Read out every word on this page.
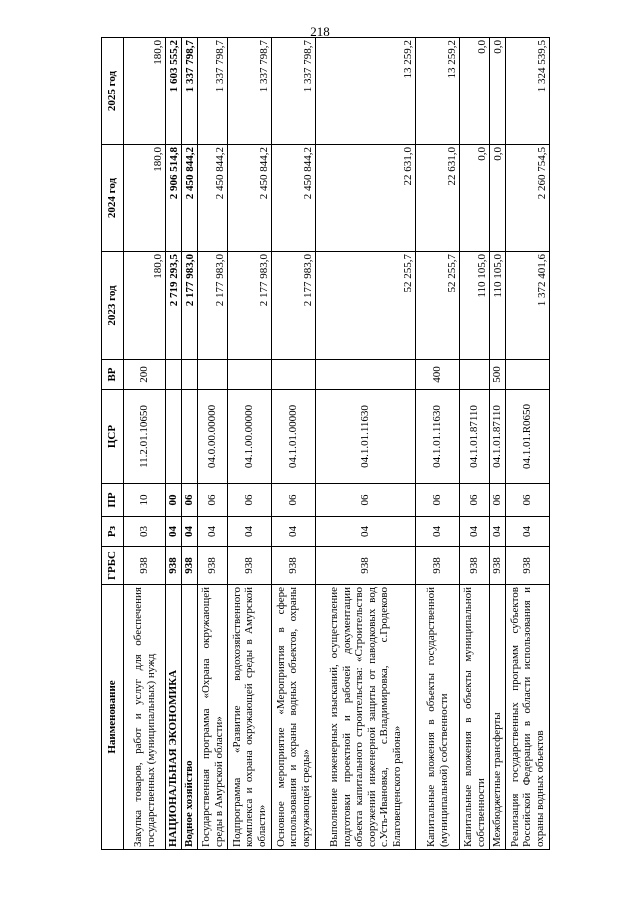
218
Наименование	ГРБС	Рз	ПР	ЦСР	ВР	2023 год	2024 год	2025 год
Закупка товаров, работ и услуг для обеспечения государственных (муниципальных) нужд	938	03	10	11.2.01.10650	200	180,0	180,0	180,0
НАЦИОНАЛЬНАЯ ЭКОНОМИКА	938	04	00			2 719 293,5	2 906 514,8	1 603 555,2
Водное хозяйство	938	04	06			2 177 983,0	2 450 844,2	1 337 798,7
Государственная программа «Охрана окружающей среды в Амурской области»	938	04	06	04.0.00.00000		2 177 983,0	2 450 844,2	1 337 798,7
Подпрограмма «Развитие водохозяйственного комплекса и охрана окружающей среды в Амурской области»	938	04	06	04.1.00.00000		2 177 983,0	2 450 844,2	1 337 798,7
Основное мероприятие «Мероприятия в сфере использования и охраны водных объектов, охраны окружающей среды»	938	04	06	04.1.01.00000		2 177 983,0	2 450 844,2	1 337 798,7
Выполнение инженерных изысканий, осуществление подготовки проектной и рабочей документации объекта капитального строительства: «Строительство сооружений инженерной защиты от паводковых вод с.Усть-Ивановка, с.Владимировка, с.Гродеково Благовещенского района»	938	04	06	04.1.01.11630		52 255,7	22 631,0	13 259,2
Капитальные вложения в объекты государственной (муниципальной) собственности	938	04	06	04.1.01.11630	400	52 255,7	22 631,0	13 259,2
Капитальные вложения в объекты муниципальной собственности	938	04	06	04.1.01.87110		110 105,0	0,0	0,0
Межбюджетные трансферты	938	04	06	04.1.01.87110	500	110 105,0	0,0	0,0
Реализация государственных программ субъектов Российской Федерации в области использования и охраны водных объектов	938	04	06	04.1.01.R0650		1 372 401,6	2 260 754,5	1 324 539,5
